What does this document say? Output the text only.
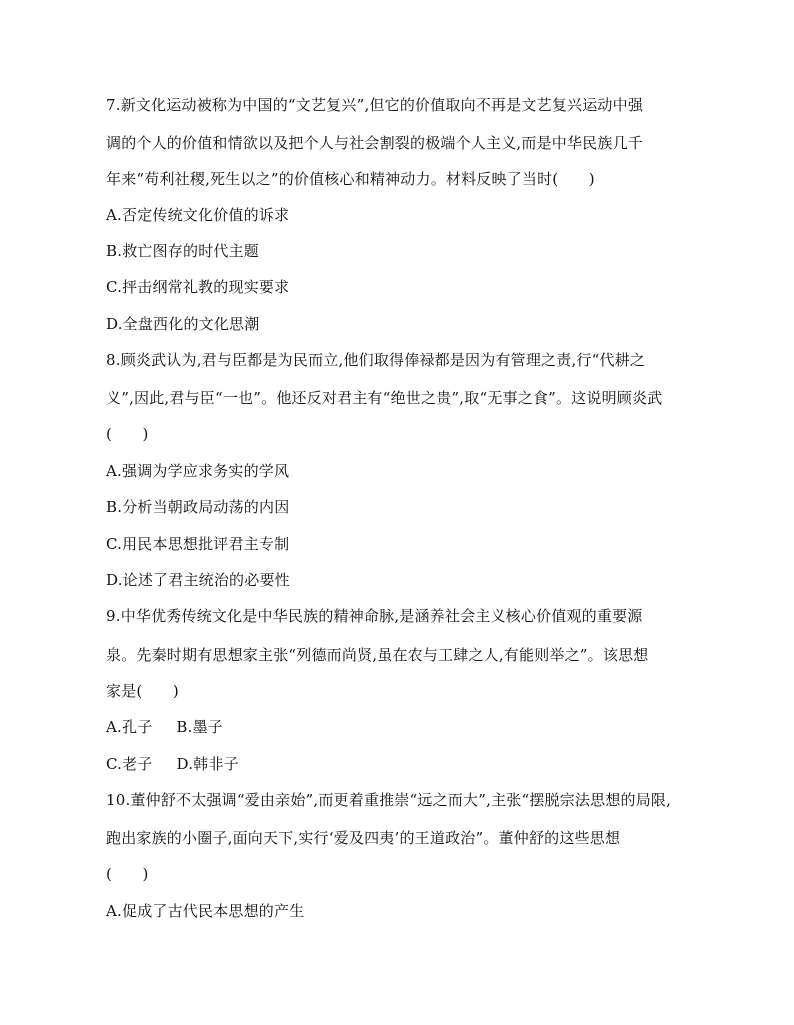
7.新文化运动被称为中国的“文艺复兴”,但它的价值取向不再是文艺复兴运动中强
调的个人的价值和情欲以及把个人与社会割裂的极端个人主义,而是中华民族几千
年来“苟利社稷,死生以之”的价值核心和精神动力。材料反映了当时(　　)
A.否定传统文化价值的诉求
B.救亡图存的时代主题
C.抨击纲常礼教的现实要求
D.全盘西化的文化思潮
8.顾炎武认为,君与臣都是为民而立,他们取得俸禄都是因为有管理之责,行“代耕之
义”,因此,君与臣“一也”。他还反对君主有“绝世之贵”,取“无事之食”。这说明顾炎武
(　　)
A.强调为学应求务实的学风
B.分析当朝政局动荡的内因
C.用民本思想批评君主专制
D.论述了君主统治的必要性
9.中华优秀传统文化是中华民族的精神命脉,是涵养社会主义核心价值观的重要源
泉。先秦时期有思想家主张“列德而尚贤,虽在农与工肆之人,有能则举之”。该思想
家是(　　)
A.孔子 B.墨子
C.老子 D.韩非子
10.董仲舒不太强调“爱由亲始”,而更着重推崇“远之而大”,主张“摆脱宗法思想的局限,
跑出家族的小圈子,面向天下,实行‘爱及四夷’的王道政治”。董仲舒的这些思想
(　　)
A.促成了古代民本思想的产生
